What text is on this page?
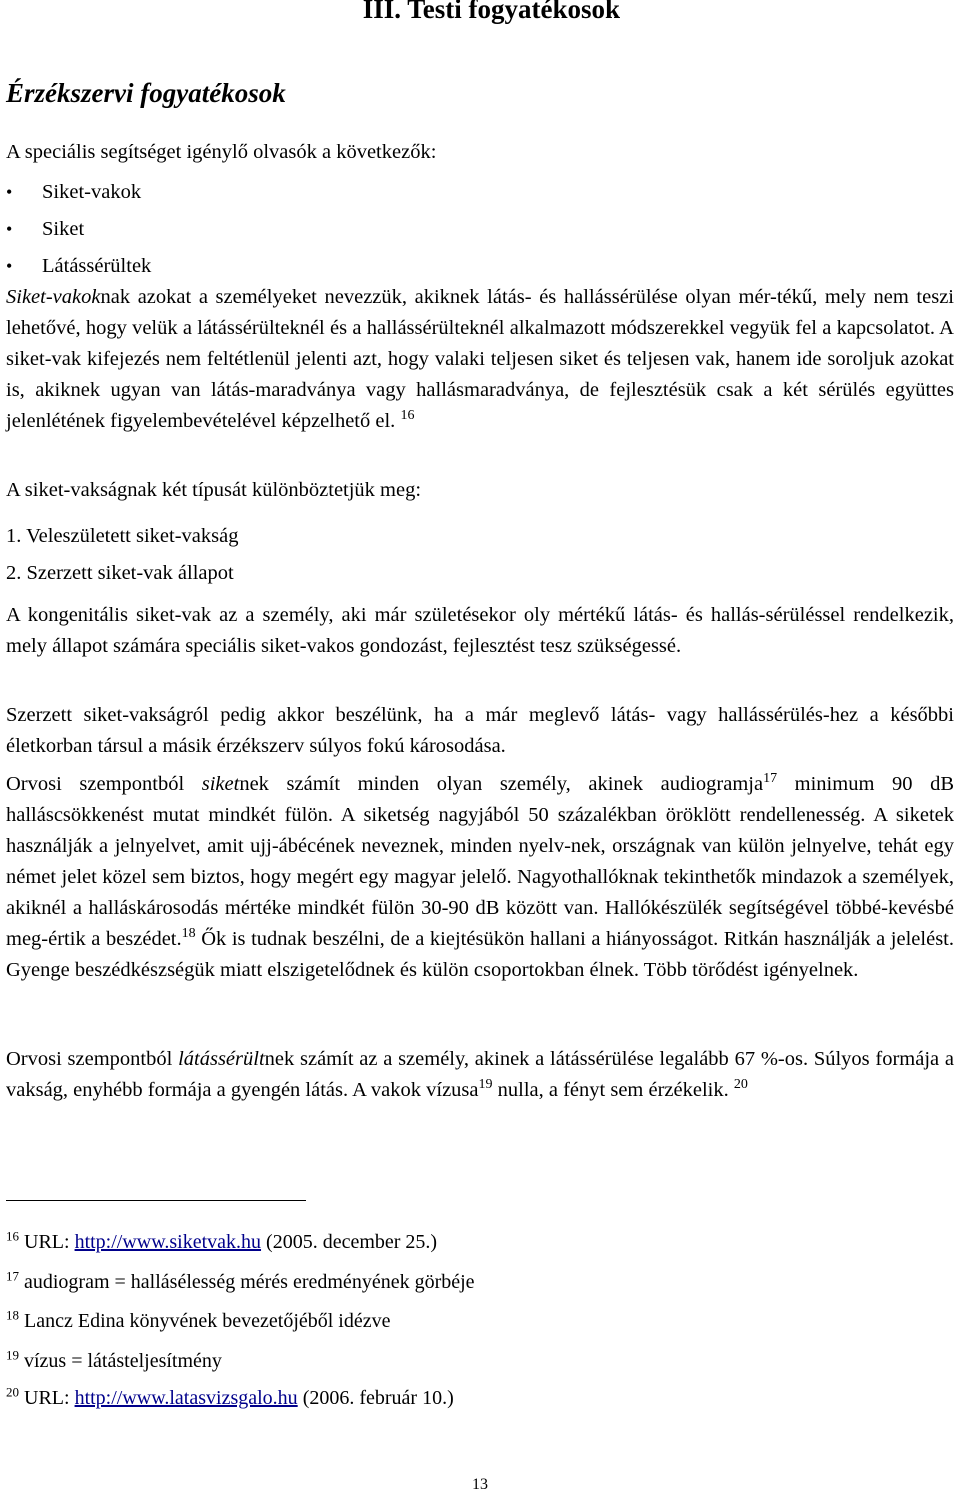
III. Testi fogyatékosok
Érzékszervi fogyatékosok
A speciális segítséget igénylő olvasók a következők:
• Siket-vakok
• Siket
• Látássérültek
Siket-vakoknak azokat a személyeket nevezzük, akiknek látás- és hallássérülése olyan mér-tékű, mely nem teszi lehetővé, hogy velük a látássérülteknél és a hallássérülteknél alkalmazott módszerekkel vegyük fel a kapcsolatot. A siket-vak kifejezés nem feltétlenül jelenti azt, hogy valaki teljesen siket és teljesen vak, hanem ide soroljuk azokat is, akiknek ugyan van látás-maradványa vagy hallásmaradványa, de fejlesztésük csak a két sérülés együttes jelenlétének figyelembevételével képzelhető el. $^{16}$
A siket-vakságnak két típusát különböztetjük meg:
1. Veleszületett siket-vakság
2. Szerzett siket-vak állapot
A kongenitális siket-vak az a személy, aki már születésekor oly mértékű látás- és hallás-sérüléssel rendelkezik, mely állapot számára speciális siket-vakos gondozást, fejlesztést tesz szükségessé.
Szerzett siket-vakságról pedig akkor beszélünk, ha a már meglevő látás- vagy hallássérülés-hez a későbbi életkorban társul a másik érzékszerv súlyos fokú károsodása.
Orvosi szempontból siketnek számít minden olyan személy, akinek audiogramja$^{17}$ minimum 90 dB halláscsökkenést mutat mindkét fülön. A siketség nagyjából 50 százalékban öröklött rendellenesség. A siketek használják a jelnyelvet, amit ujj-ábécének neveznek, minden nyelv-nek, országnak van külön jelnyelve, tehát egy német jelet közel sem biztos, hogy megért egy magyar jelelő. Nagyothallóknak tekinthetők mindazok a személyek, akiknél a halláskárosodás mértéke mindkét fülön 30-90 dB között van. Hallókészülék segítségével többé-kevésbé meg-értik a beszédet.$^{18}$ Ők is tudnak beszélni, de a kiejtésükön hallani a hiányosságot. Ritkán használják a jelelést. Gyenge beszédkészségük miatt elszigetelődnek és külön csoportokban élnek. Több törődést igényelnek.
Orvosi szempontból látássérültnek számít az a személy, akinek a látássérülése legalább 67 %-os. Súlyos formája a vakság, enyhébb formája a gyengén látás. A vakok vízusa$^{19}$ nulla, a fényt sem érzékelik. $^{20}$
$^{16}$ URL: http://www.siketvak.hu (2005. december 25.)
$^{17}$ audiogram = hallásélesség mérés eredményének görbéje
$^{18}$ Lancz Edina könyvének bevezetőjéből idézve
$^{19}$ vízus = látásteljesítmény
$^{20}$ URL: http://www.latasvizsgalo.hu (2006. február 10.)
13
